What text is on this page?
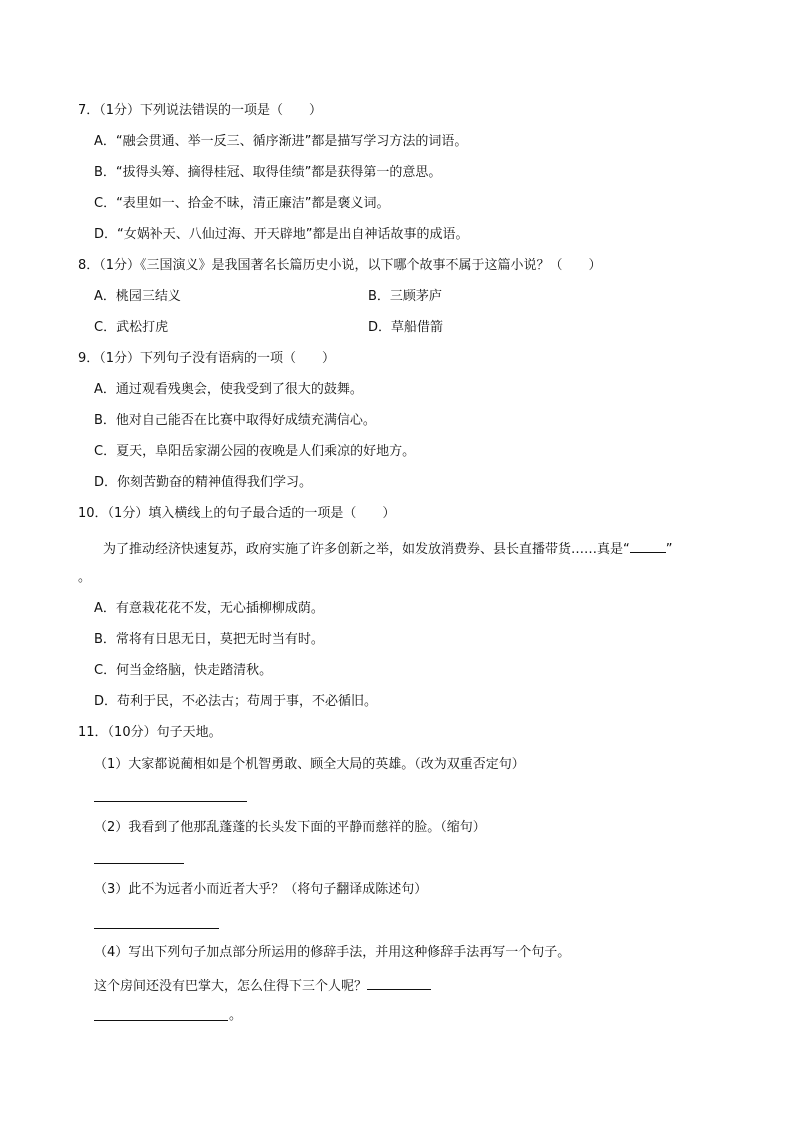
7．（1分）下列说法错误的一项是（　　）
A．“融会贯通、举一反三、循序渐进”都是描写学习方法的词语。
B．“拔得头筹、摘得桂冠、取得佳绩”都是获得第一的意思。
C．“表里如一、拾金不昧，清正廉洁”都是褒义词。
D．“女娲补天、八仙过海、开天辟地”都是出自神话故事的成语。
8．（1分）《三国演义》是我国著名长篇历史小说，以下哪个故事不属于这篇小说？（　　）
A．桃园三结义	B．三顾茅庐
C．武松打虎	D．草船借箭
9．（1分）下列句子没有语病的一项（　　）
A．通过观看残奥会，使我受到了很大的鼓舞。
B．他对自己能否在比赛中取得好成绩充满信心。
C．夏天，阜阳岳家湖公园的夜晚是人们乘凉的好地方。
D．你刻苦勤奋的精神值得我们学习。
10．（1分）填入横线上的句子最合适的一项是（　　）
为了推动经济快速复苏，政府实施了许多创新之举，如发放消费券、县长直播带货……真是“	”
。
A．有意栽花花不发，无心插柳柳成荫。
B．常将有日思无日，莫把无时当有时。
C．何当金络脑，快走踏清秋。
D．苟利于民，不必法古；苟周于事，不必循旧。
11．（10分）句子天地。
（1）大家都说蔺相如是个机智勇敢、顾全大局的英雄。（改为双重否定句）
（2）我看到了他那乱蓬蓬的长头发下面的平静而慈祥的脸。（缩句）
（3）此不为远者小而近者大乎？（将句子翻译成陈述句）
（4）写出下列句子加点部分所运用的修辞手法，并用这种修辞手法再写一个句子。
这个房间还没有巴掌大，怎么住得下三个人呢？
。
